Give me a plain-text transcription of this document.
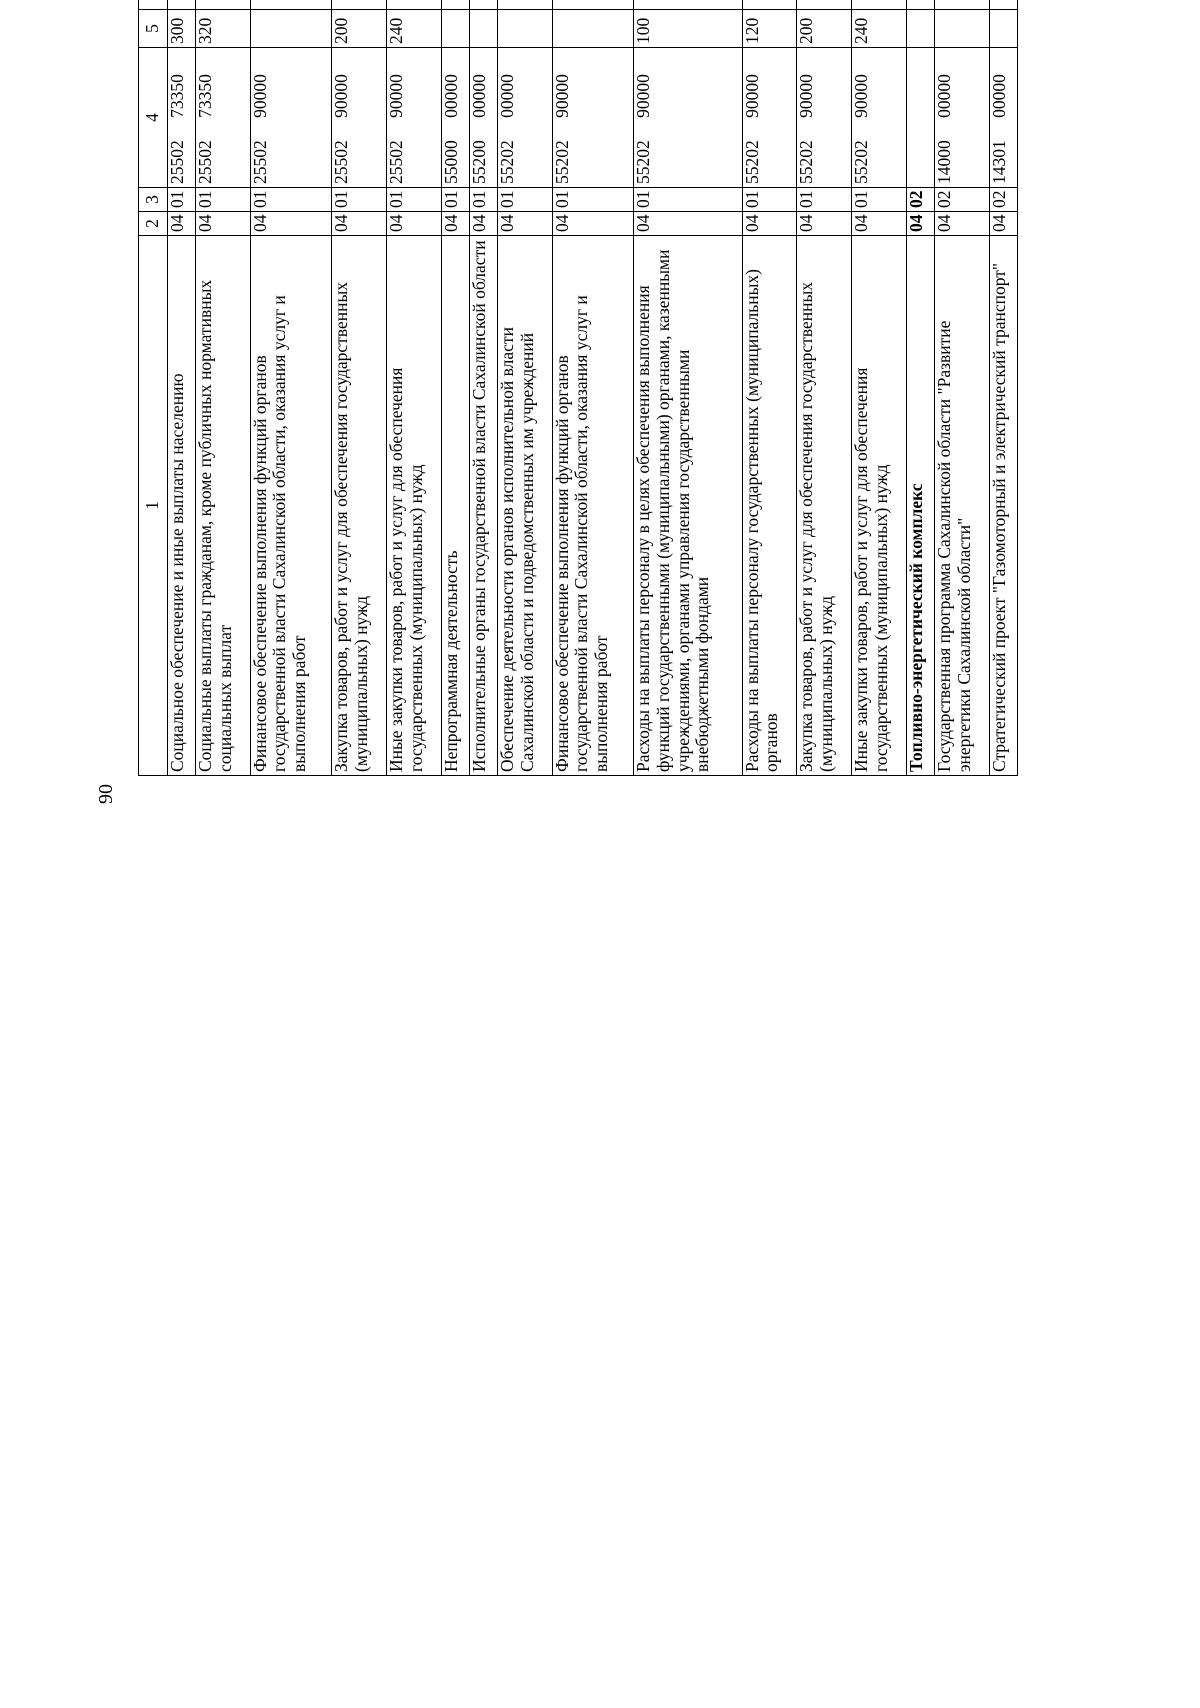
90
1	2	3	4	5			
Социальное обеспечение и иные выплаты населению	04	01	25502 73350	300			
Социальные выплаты гражданам, кроме публичных нормативных социальных выплат	04	01	25502 73350	320			
Финансовое обеспечение выполнения функций органов государственной власти Сахалинской области, оказания услуг и выполнения работ	04	01	25502 90000				
Закупка товаров, работ и услуг для обеспечения государственных (муниципальных) нужд	04	01	25502 90000	200			
Иные закупки товаров, работ и услуг для обеспечения государственных (муниципальных) нужд	04	01	25502 90000	240			
Непрограммная деятельность	04	01	55000 00000				
Исполнительные органы государственной власти Сахалинской области	04	01	55200 00000				
Обеспечение деятельности органов исполнительной власти Сахалинской области и подведомственных им учреждений	04	01	55202 00000				
Финансовое обеспечение выполнения функций органов государственной власти Сахалинской области, оказания услуг и выполнения работ	04	01	55202 90000				
Расходы на выплаты персоналу в целях обеспечения выполнения функций государственными (муниципальными) органами, казенными учреждениями, органами управления государственными внебюджетными фондами	04	01	55202 90000	100			
Расходы на выплаты персоналу государственных (муниципальных) органов	04	01	55202 90000	120			
Закупка товаров, работ и услуг для обеспечения государственных (муниципальных) нужд	04	01	55202 90000	200			
Иные закупки товаров, работ и услуг для обеспечения государственных (муниципальных) нужд	04	01	55202 90000	240			
Топливно-энергетический комплекс	04	02					
Государственная программа Сахалинской области "Развитие энергетики Сахалинской области"	04	02	14000 00000				
Стратегический проект "Газомоторный и электрический транспорт"	04	02	14301 00000				
